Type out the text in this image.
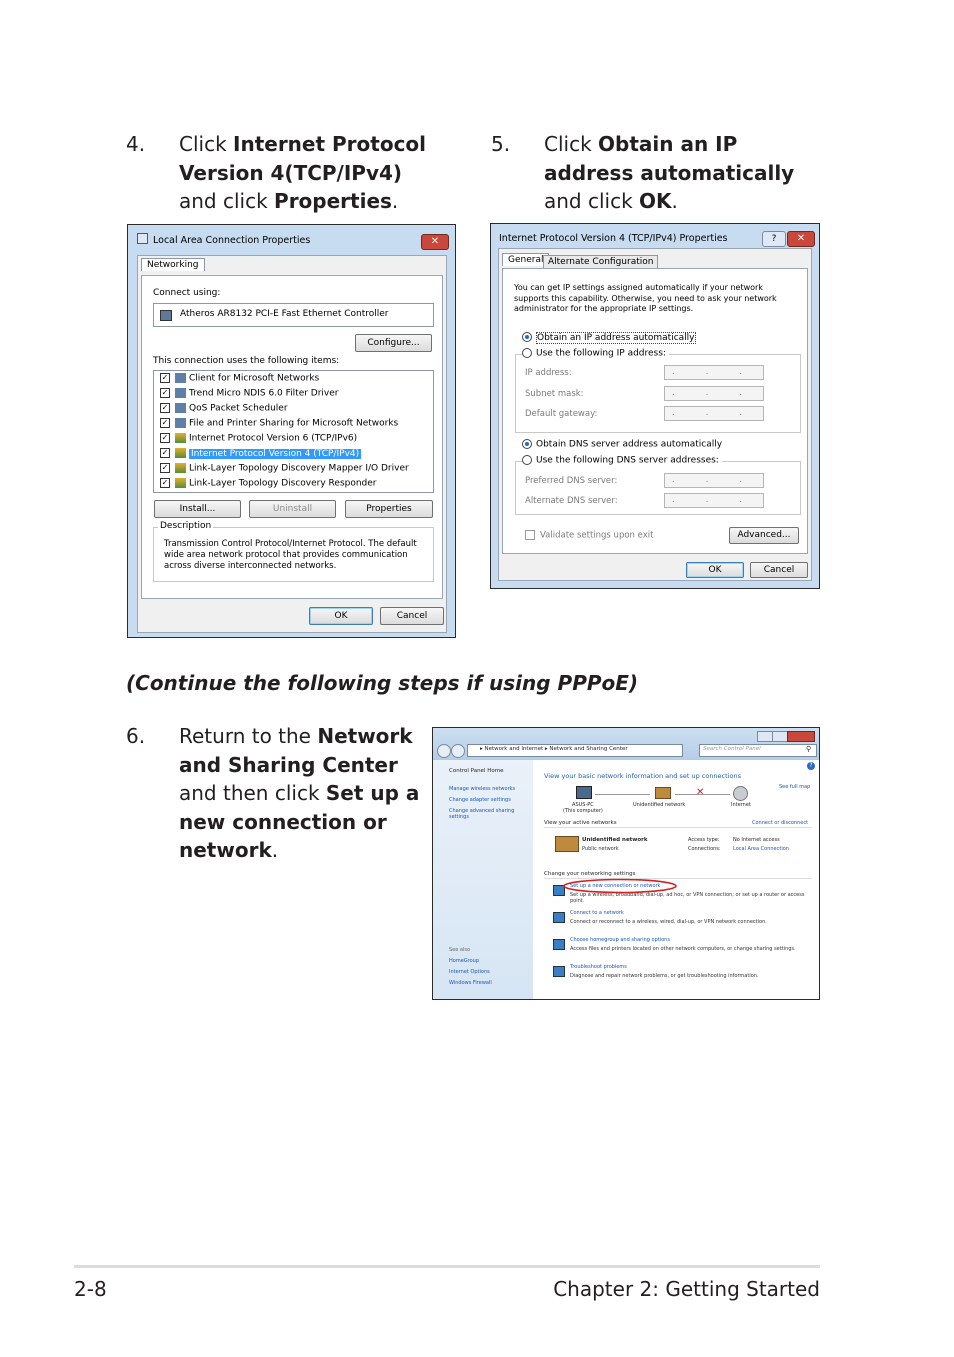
4. Click Internet Protocol Version 4(TCP/IPv4) and click Properties.
5. Click Obtain an IP address automatically and click OK.
Local Area Connection Properties	✕
Networking
Connect using:
Atheros AR8132 PCI-E Fast Ethernet Controller
Configure...
This connection uses the following items:
✓ Client for Microsoft Networks
✓ Trend Micro NDIS 6.0 Filter Driver
✓ QoS Packet Scheduler
✓ File and Printer Sharing for Microsoft Networks
✓ Internet Protocol Version 6 (TCP/IPv6)
✓	Internet Protocol Version 4 (TCP/IPv4)
✓ Link-Layer Topology Discovery Mapper I/O Driver
✓ Link-Layer Topology Discovery Responder
Install...	Uninstall	Properties
Description
Transmission Control Protocol/Internet Protocol. The default wide area network protocol that provides communication across diverse interconnected networks.
OK	Cancel
Internet Protocol Version 4 (TCP/IPv4) Properties	?	✕
General Alternate Configuration
You can get IP settings assigned automatically if your network supports this capability. Otherwise, you need to ask your network administrator for the appropriate IP settings.
Obtain an IP address automatically
Use the following IP address:
IP address:	. . .
Subnet mask:	. . .
Default gateway:	. . .
Obtain DNS server address automatically
Use the following DNS server addresses:
Preferred DNS server:	. . .
Alternate DNS server:	. . .
Validate settings upon exit	Advanced...
OK	Cancel
(Continue the following steps if using PPPoE)
6. Return to the Network and Sharing Center and then click Set up a new connection or network.
▸ Network and Internet ▸ Network and Sharing Center	Search Control Panel	⚲
Control Panel Home
Manage wireless networks
Change adapter settings
Change advanced sharing settings
See also
HomeGroup
Internet Options
Windows Firewall
View your basic network information and set up connections
See full map
?
✕
ASUS-PC
(This computer)
Unidentified network	Internet
View your active networks	Connect or disconnect
Unidentified network
Public network
Access type:	No Internet access
Connections: Local Area Connection
Change your networking settings
Set up a new connection or network
Set up a wireless, broadband, dial-up, ad hoc, or VPN connection; or set up a router or access point.
Connect to a network
Connect or reconnect to a wireless, wired, dial-up, or VPN network connection.
Choose homegroup and sharing options
Access files and printers located on other network computers, or change sharing settings.
Troubleshoot problems
Diagnose and repair network problems, or get troubleshooting information.
2-8	Chapter 2: Getting Started
